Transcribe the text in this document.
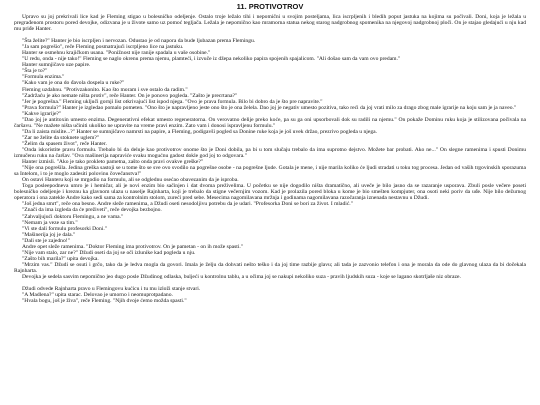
11. PROTIVOTROV

Upravo su joj prekrivali lice kad je Fleming stigao u bolesničko odeljenje. Ostalo troje ležalo tihi i nepomični u svojim posteljama, lica iscrpljenih i bledih poput jastuka na kojima su počivali. Doni, koja je ležala u pregrađenom prostoru pored devojke, odizvana je u živote samo uz pomoć tegljača. Ležala je nepomično kao mramorna statua nekog starog nadgrobnog spomenika na njegovoj nadgrobnoj ploči. On je stajao gledajući u nju kad mu priđe Hanter.

"Šta želite?" Hanter je bio iscrpljen i nervozan. Odustao je od napora da bude ljubazan prema Flemingu.

"Ja sam pogrešio", reče Fleming posmatrajući iscrpljeno lice na jastuku.

Hanter se osmehnu krajičkom usana. "Ponižnost nije ranije spadala u vaše osobine."

"U redu, onda - nije tako!" Fleming se naglo okrenu prema njemu, plamteći, i izvuče iz džepa nekoliko papira spojenih spajalicom. "Ali došao sam da vam ovo predam."

Hanter sumnjičavo uze papire.

"Šta je to?"

"Formula enzima."

"Kako vam je ona do đavola dospela u ruke?"

Fleming uzdahnu. "Protivzakonito. Kao što moram i sve ostalo da radim."

"Zadržaću je ako nemate ništa protiv", reče Hanter. On je ponovo pogleda. "Zašto je precrtana?"

"Jer je pogrešna." Fleming uključi gornji list otkrivajući list ispod njega. "Ovo je prava formula. Bilo bi dobro da je što pre napravite."

"Prava formula?" Hanter je izgledao pomalo pometen. "Ono što je napravljeno jeste ono što je ona želela. Dao joj je negativ umesto pozitiva, tako reći da joj vrati milo za drago zbog male igrarije na koju sam je ja naveo."

"Kakve igrarije?"

"Dao joj je antitoxin umesto enzima. Degenerativni efekat umesto regeneratorna. On verovatno delije preko koće, pa su ga oni upsorbovali dok su radili na njemu." On pokaže Dominu ruku koja je stilizovana počivala na čaršavu. "Ne mažete ništa učiniti ukoliko ne upravite na vreme pravi enzim. Zato vam i donosi ispravljenu formulu."

"Da li zaista mislite...?" Hanter se sumnjičavo namrsti na papire, a Fleming, podigavši pogled sa Donine ruke koja je još uvek držao, prezrivo pogleda u njega.

"Zar ne želite da stoknete uglem?"

"Želim da spasem život", reče Hanter.

"Onda iskoristite pravu formulu. Trebalo bi da deluje kao protivotrov onome što je Doni dobila, pa bi u tom slučaju trebalo da ima suprotno dejstvo. Možete bar probati. Ako ne..." On slegne ramenima i spusti Donimu izmučenu ruku na čaršav. "Ova mašinerija napraviće svaku mogućnu gadost dokle god joj to odgovara."

Hanter izmisli. "Ako je tako prokleto pametna, zašto onda pravi ovakve greške?"

"Nije ona pogrešila. Jedina greška sastoji se u tome što se sve ovo svodilo na pogrešne osobe - na pogrešne ljude. Gotala je mene, i nije marila koliko će ljudi stradati u toku tog procesa. Jedan od vaših trgovinskih sporazuma sa Intelom, i to je moglo zadesiti polovinu čovečanstva!"

On ostavi Hanteru koji se mrgodio na formulu, ali se odglednu osećao obavezanim da je isproba.

Toga posleepodneva umro je i hemičar, ali je novi enzim bio sačinjen i dat dvoma preživelima. U početku se nije dogodilo ništa dramatično, ali uveče je bilo jasno da se razaranje usporava. Zbuli posle večere poseti bolesničko odeljenje i kreznu ka glavnom ulazu u naselje Rajnharta, koji je trebalo da stigne večernjim vozom. Kad je prolazila pored bloka u kome je bio smešten kompjuter, ona osoti neki poriv da uđe. Nije bilo dežurnog operatora i ona zatekle Andre kako sedi sama za kontrolnim stolom, zureći pred sebe. Mesecima nagomilavana mržnja i godinama nagomilavana razočaranja iznenada nestavnu u Džudi.

"Još jedna smrt", reče ona besno. Andre sleže ramenima, a Džudi oseti nesodoljivu potrebu da je udari. "Profesorka Doni se bori za život. I mladić."

"Znači da ima izgleda da će preživeti", reče devojka bezbojno.

"Zahvaljujući doktoru Flemingu, a ne vama."

"Nemam ja veze sa tim."

"Vi ste dali formulu profesorki Doni."

"Mašinerija joj je dala."

"Dali ste je zajedno!"

Andre opet sleže ramenima. "Doktor Fleming ima protivotrov. On je pametan - on ih može spasti."

"Nije vam stalo, zar ne?" Džudi oseti da joj se oči izlunike kad pogleda u nju.

"Zašto bih marila?" upita devojka.

"Mrzim vas." Džudi se osuti i grčo, tako da je ledva mogla da govori. Imala je želju da dohvati nešto teško i da joj time razbije glavu; ali tada je zazvonio telefon i ona je morala da ode do glavnog ulaza da bi dočekala Rajnharta.

Devojka je sedela sasvim nepomično jeo dugo posle Džudinog odlaska, buljeći u kontrolnu tablu, a u očima joj se nakupi nekoliko suza - pravih ljudskih suza - koje se lagano skotrljaše niz obraze.

Džudi odvede Rajnharta pravo u Flemingovu kućicu i tu mu izloži stanje stvari.

"A Madlena?" upita starac. Delovao je umorno i neomuprotpadano.

"Hvala bogu, još je živa", reče Fleming. "Njih dvoje ćemo možda spasti."
